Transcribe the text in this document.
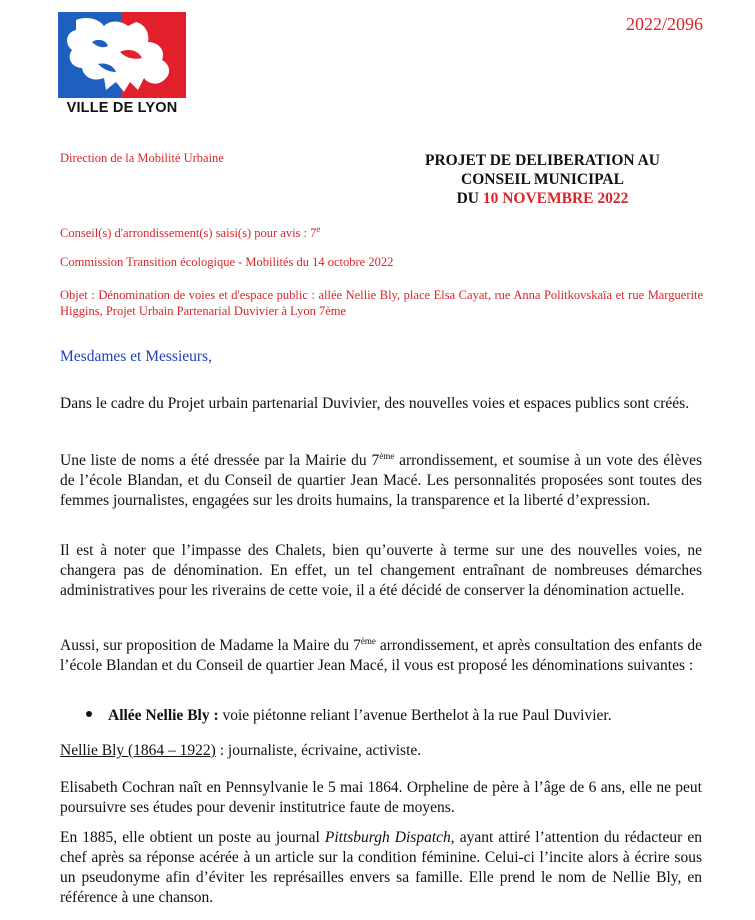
VILLE DE LYON
2022/2096
Direction de la Mobilité Urbaine	PROJET DE DELIBERATION AU
CONSEIL MUNICIPAL
DU 10 NOVEMBRE 2022
Conseil(s) d'arrondissement(s) saisi(s) pour avis : 7e
Commission Transition écologique - Mobilités du 14 octobre 2022
Objet : Dénomination de voies et d'espace public : allée Nellie Bly, place Elsa Cayat, rue Anna Politkovskaïa et rue Marguerite Higgins, Projet Urbain Partenarial Duvivier à Lyon 7ème
Mesdames et Messieurs,
Dans le cadre du Projet urbain partenarial Duvivier, des nouvelles voies et espaces publics sont créés.
Une liste de noms a été dressée par la Mairie du 7ème arrondissement, et soumise à un vote des élèves de l’école Blandan, et du Conseil de quartier Jean Macé. Les personnalités proposées sont toutes des femmes journalistes, engagées sur les droits humains, la transparence et la liberté d’expression.
Il est à noter que l’impasse des Chalets, bien qu’ouverte à terme sur une des nouvelles voies, ne changera pas de dénomination. En effet, un tel changement entraînant de nombreuses démarches administratives pour les riverains de cette voie, il a été décidé de conserver la dénomination actuelle.
Aussi, sur proposition de Madame la Maire du 7ème arrondissement, et après consultation des enfants de l’école Blandan et du Conseil de quartier Jean Macé, il vous est proposé les dénominations suivantes :
Allée Nellie Bly : voie piétonne reliant l’avenue Berthelot à la rue Paul Duvivier.
Nellie Bly (1864 – 1922) : journaliste, écrivaine, activiste.
Elisabeth Cochran naît en Pennsylvanie le 5 mai 1864. Orpheline de père à l’âge de 6 ans, elle ne peut poursuivre ses études pour devenir institutrice faute de moyens.
En 1885, elle obtient un poste au journal Pittsburgh Dispatch, ayant attiré l’attention du rédacteur en chef après sa réponse acérée à un article sur la condition féminine. Celui-ci l’incite alors à écrire sous un pseudonyme afin d’éviter les représailles envers sa famille. Elle prend le nom de Nellie Bly, en référence à une chanson.
